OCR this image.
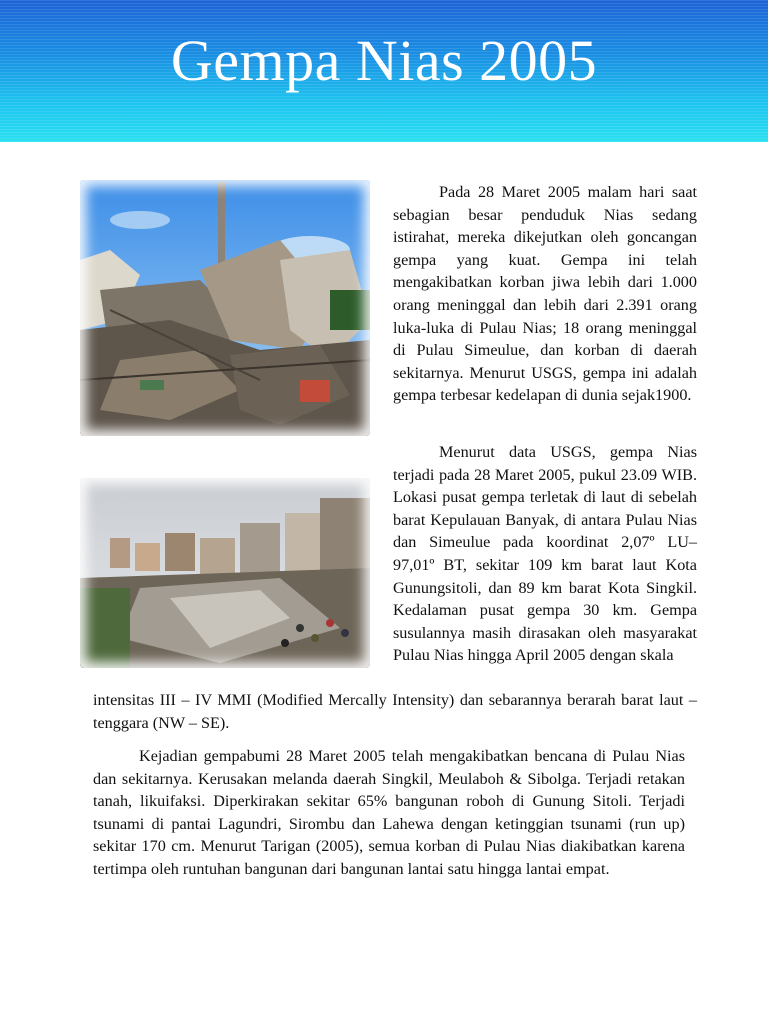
Gempa Nias 2005

Pada 28 Maret 2005 malam hari saat sebagian besar penduduk Nias sedang istirahat, mereka dikejutkan oleh goncangan gempa yang kuat. Gempa ini telah mengakibatkan korban jiwa lebih dari 1.000 orang meninggal dan lebih dari 2.391 orang luka-luka di Pulau Nias; 18 orang meninggal di Pulau Simeulue, dan korban di daerah sekitarnya. Menurut USGS, gempa ini adalah gempa terbesar kedelapan di dunia sejak1900.

Menurut data USGS, gempa Nias terjadi pada 28 Maret 2005, pukul 23.09 WIB. Lokasi pusat gempa terletak di laut di sebelah barat Kepulauan Banyak, di antara Pulau Nias dan Simeulue pada koordinat 2,07º LU– 97,01º BT, sekitar 109 km barat laut Kota Gunungsitoli, dan 89 km barat Kota Singkil. Kedalaman pusat gempa 30 km. Gempa susulannya masih dirasakan oleh masyarakat Pulau Nias hingga April 2005 dengan skala

intensitas III – IV MMI (Modified Mercally Intensity) dan sebarannya berarah barat laut – tenggara (NW – SE).

Kejadian gempabumi 28 Maret 2005 telah mengakibatkan bencana di Pulau Nias dan sekitarnya. Kerusakan melanda daerah Singkil, Meulaboh & Sibolga. Terjadi retakan tanah, likuifaksi. Diperkirakan sekitar 65% bangunan roboh di Gunung Sitoli. Terjadi tsunami di pantai Lagundri, Sirombu dan Lahewa dengan ketinggian tsunami (run up) sekitar 170 cm. Menurut Tarigan (2005), semua korban di Pulau Nias diakibatkan karena tertimpa oleh runtuhan bangunan dari bangunan lantai satu hingga lantai empat.
